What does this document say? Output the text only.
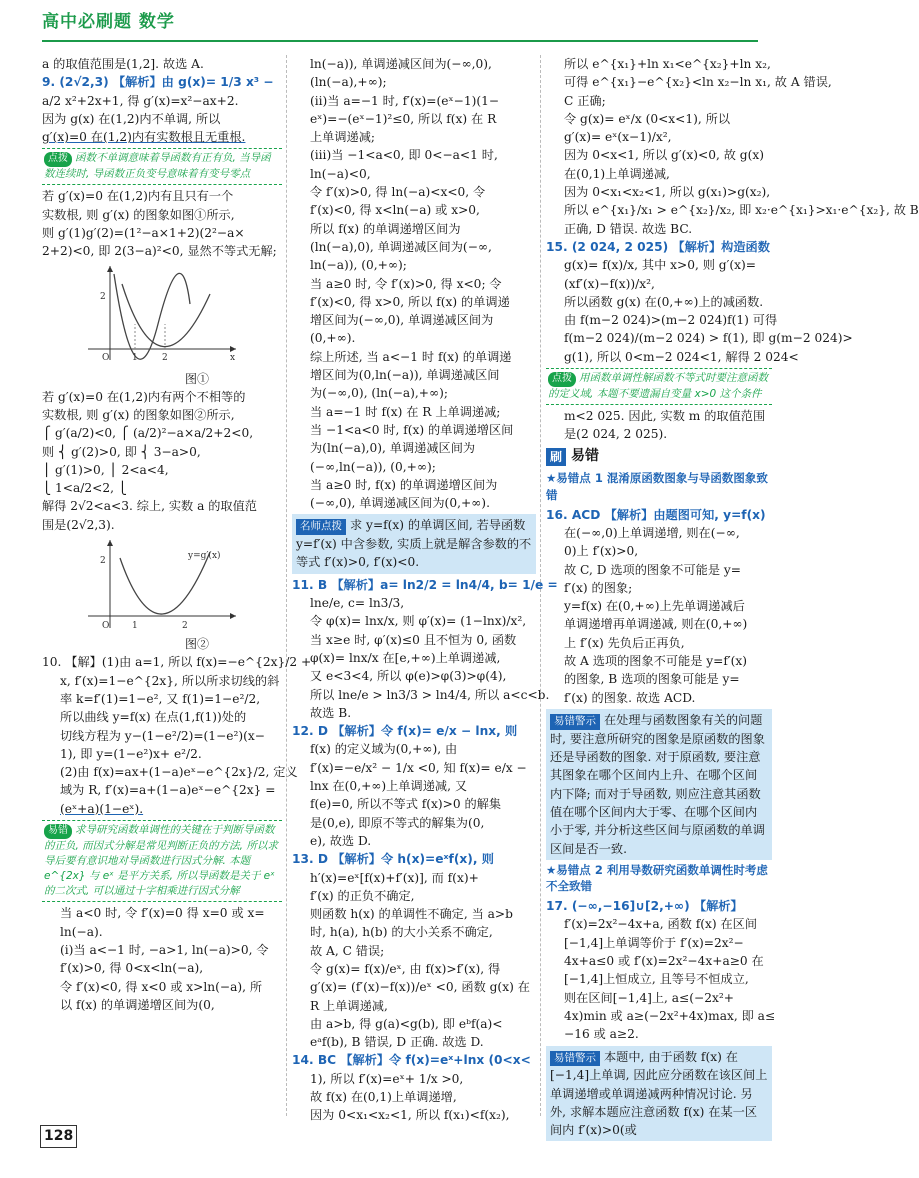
高中必刷题 数学
a 的取值范围是(1,2]. 故选 A.
9. (2√2,3) 【解析】由 g(x)= 1/3 x³ −
a/2 x²+2x+1, 得 g′(x)=x²−ax+2.
因为 g(x) 在(1,2)内不单调, 所以
g′(x)=0 在(1,2)内有实数根且无重根.
点拨 函数不单调意味着导函数有正有负, 当导函数连续时, 导函数正负变号意味着有变号零点
若 g′(x)=0 在(1,2)内有且只有一个
实数根, 则 g′(x) 的图象如图①所示,
则 g′(1)g′(2)=(1²−a×1+2)(2²−a×
2+2)<0, 即 2(3−a)²<0, 显然不等式无解;
O	1	2	x
2
图①
若 g′(x)=0 在(1,2)内有两个不相等的
实数根, 则 g′(x) 的图象如图②所示,
⎧ g′(a/2)<0, ⎧ (a/2)²−a×a/2+2<0,
则 ⎨ g′(2)>0, 即 ⎨ 3−a>0,
⎪ g′(1)>0, ⎪ 2<a<4,
⎩ 1<a/2<2, ⎩
解得 2√2<a<3. 综上, 实数 a 的取值范
围是(2√2,3).
y=g′(x)
O	1	2
2
图②
10. 【解】(1)由 a=1, 所以 f(x)=−e^{2x}/2 +
x, f′(x)=1−e^{2x}, 所以所求切线的斜
率 k=f′(1)=1−e², 又 f(1)=1−e²/2,
所以曲线 y=f(x) 在点(1,f(1))处的
切线方程为 y−(1−e²/2)=(1−e²)(x−
1), 即 y=(1−e²)x+ e²/2.
(2)由 f(x)=ax+(1−a)eˣ−e^{2x}/2, 定义
域为 R, f′(x)=a+(1−a)eˣ−e^{2x} =
(eˣ+a)(1−eˣ).
易错 求导研究函数单调性的关键在于判断导函数的正负, 而因式分解是常见判断正负的方法, 所以求导后要有意识地对导函数进行因式分解. 本题 e^{2x} 与 eˣ 是平方关系, 所以导函数是关于 eˣ 的二次式, 可以通过十字相乘进行因式分解
当 a<0 时, 令 f′(x)=0 得 x=0 或 x=
ln(−a).
(i)当 a<−1 时, −a>1, ln(−a)>0, 令
f′(x)>0, 得 0<x<ln(−a),
令 f′(x)<0, 得 x<0 或 x>ln(−a), 所
以 f(x) 的单调递增区间为(0,
ln(−a)), 单调递减区间为(−∞,0),
(ln(−a),+∞);
(ii)当 a=−1 时, f′(x)=(eˣ−1)(1−
eˣ)=−(eˣ−1)²≤0, 所以 f(x) 在 R
上单调递减;
(iii)当 −1<a<0, 即 0<−a<1 时,
ln(−a)<0,
令 f′(x)>0, 得 ln(−a)<x<0, 令
f′(x)<0, 得 x<ln(−a) 或 x>0,
所以 f(x) 的单调递增区间为
(ln(−a),0), 单调递减区间为(−∞,
ln(−a)), (0,+∞);
当 a≥0 时, 令 f′(x)>0, 得 x<0; 令
f′(x)<0, 得 x>0, 所以 f(x) 的单调递
增区间为(−∞,0), 单调递减区间为
(0,+∞).
综上所述, 当 a<−1 时 f(x) 的单调递
增区间为(0,ln(−a)), 单调递减区间
为(−∞,0), (ln(−a),+∞);
当 a=−1 时 f(x) 在 R 上单调递减;
当 −1<a<0 时, f(x) 的单调递增区间
为(ln(−a),0), 单调递减区间为
(−∞,ln(−a)), (0,+∞);
当 a≥0 时, f(x) 的单调递增区间为
(−∞,0), 单调递减区间为(0,+∞).
名师点拨 求 y=f(x) 的单调区间, 若导函数 y=f′(x) 中含参数, 实质上就是解含参数的不等式 f′(x)>0, f′(x)<0.
11. B 【解析】a= ln2/2 = ln4/4, b= 1/e =
lne/e, c= ln3/3,
令 φ(x)= lnx/x, 则 φ′(x)= (1−lnx)/x²,
当 x≥e 时, φ′(x)≤0 且不恒为 0, 函数
φ(x)= lnx/x 在[e,+∞)上单调递减,
又 e<3<4, 所以 φ(e)>φ(3)>φ(4),
所以 lne/e > ln3/3 > ln4/4, 所以 a<c<b.
故选 B.
12. D 【解析】令 f(x)= e/x − lnx, 则
f(x) 的定义域为(0,+∞), 由
f′(x)=−e/x² − 1/x <0, 知 f(x)= e/x −
lnx 在(0,+∞)上单调递减, 又
f(e)=0, 所以不等式 f(x)>0 的解集
是(0,e), 即原不等式的解集为(0,
e), 故选 D.
13. D 【解析】令 h(x)=eˣf(x), 则
h′(x)=eˣ[f(x)+f′(x)], 而 f(x)+
f′(x) 的正负不确定,
则函数 h(x) 的单调性不确定, 当 a>b
时, h(a), h(b) 的大小关系不确定,
故 A, C 错误;
令 g(x)= f(x)/eˣ, 由 f(x)>f′(x), 得
g′(x)= (f′(x)−f(x))/eˣ <0, 函数 g(x) 在
R 上单调递减,
由 a>b, 得 g(a)<g(b), 即 eᵇf(a)<
eᵃf(b), B 错误, D 正确. 故选 D.
14. BC 【解析】令 f(x)=eˣ+lnx (0<x<
1), 所以 f′(x)=eˣ+ 1/x >0,
故 f(x) 在(0,1)上单调递增,
因为 0<x₁<x₂<1, 所以 f(x₁)<f(x₂),
所以 e^{x₁}+ln x₁<e^{x₂}+ln x₂,
可得 e^{x₁}−e^{x₂}<ln x₂−ln x₁, 故 A 错误,
C 正确;
令 g(x)= eˣ/x (0<x<1), 所以
g′(x)= eˣ(x−1)/x²,
因为 0<x<1, 所以 g′(x)<0, 故 g(x)
在(0,1)上单调递减,
因为 0<x₁<x₂<1, 所以 g(x₁)>g(x₂),
所以 e^{x₁}/x₁ > e^{x₂}/x₂, 即 x₂·e^{x₁}>x₁·e^{x₂}, 故 B
正确, D 错误. 故选 BC.
15. (2 024, 2 025) 【解析】构造函数
g(x)= f(x)/x, 其中 x>0, 则 g′(x)=
(xf′(x)−f(x))/x²,
所以函数 g(x) 在(0,+∞)上的减函数.
由 f(m−2 024)>(m−2 024)f(1) 可得
f(m−2 024)/(m−2 024) > f(1), 即 g(m−2 024)>
g(1), 所以 0<m−2 024<1, 解得 2 024<
点拨 用函数单调性解函数不等式时要注意函数的定义域, 本题不要遗漏自变量 x>0 这个条件
m<2 025. 因此, 实数 m 的取值范围
是(2 024, 2 025).
刷 易错
★易错点 1 混淆原函数图象与导函数图象致错
16. ACD 【解析】由题图可知, y=f(x)
在(−∞,0)上单调递增, 则在(−∞,
0)上 f′(x)>0,
故 C, D 选项的图象不可能是 y=
f′(x) 的图象;
y=f(x) 在(0,+∞)上先单调递减后
单调递增再单调递减, 则在(0,+∞)
上 f′(x) 先负后正再负,
故 A 选项的图象不可能是 y=f′(x)
的图象, B 选项的图象可能是 y=
f′(x) 的图象. 故选 ACD.
易错警示 在处理与函数图象有关的问题时, 要注意所研究的图象是原函数的图象还是导函数的图象. 对于原函数, 要注意其图象在哪个区间内上升、在哪个区间内下降; 而对于导函数, 则应注意其函数值在哪个区间内大于零、在哪个区间内小于零, 并分析这些区间与原函数的单调区间是否一致.
★易错点 2 利用导数研究函数单调性时考虑不全致错
17. (−∞,−16]∪[2,+∞) 【解析】
f′(x)=2x²−4x+a, 函数 f(x) 在区间
[−1,4]上单调等价于 f′(x)=2x²−
4x+a≤0 或 f′(x)=2x²−4x+a≥0 在
[−1,4]上恒成立, 且等号不恒成立,
则在区间[−1,4]上, a≤(−2x²+
4x)min 或 a≥(−2x²+4x)max, 即 a≤
−16 或 a≥2.
易错警示 本题中, 由于函数 f(x) 在[−1,4]上单调, 因此应分函数在该区间上单调递增或单调递减两种情况讨论. 另外, 求解本题应注意函数 f(x) 在某一区间内 f′(x)>0(或
128
